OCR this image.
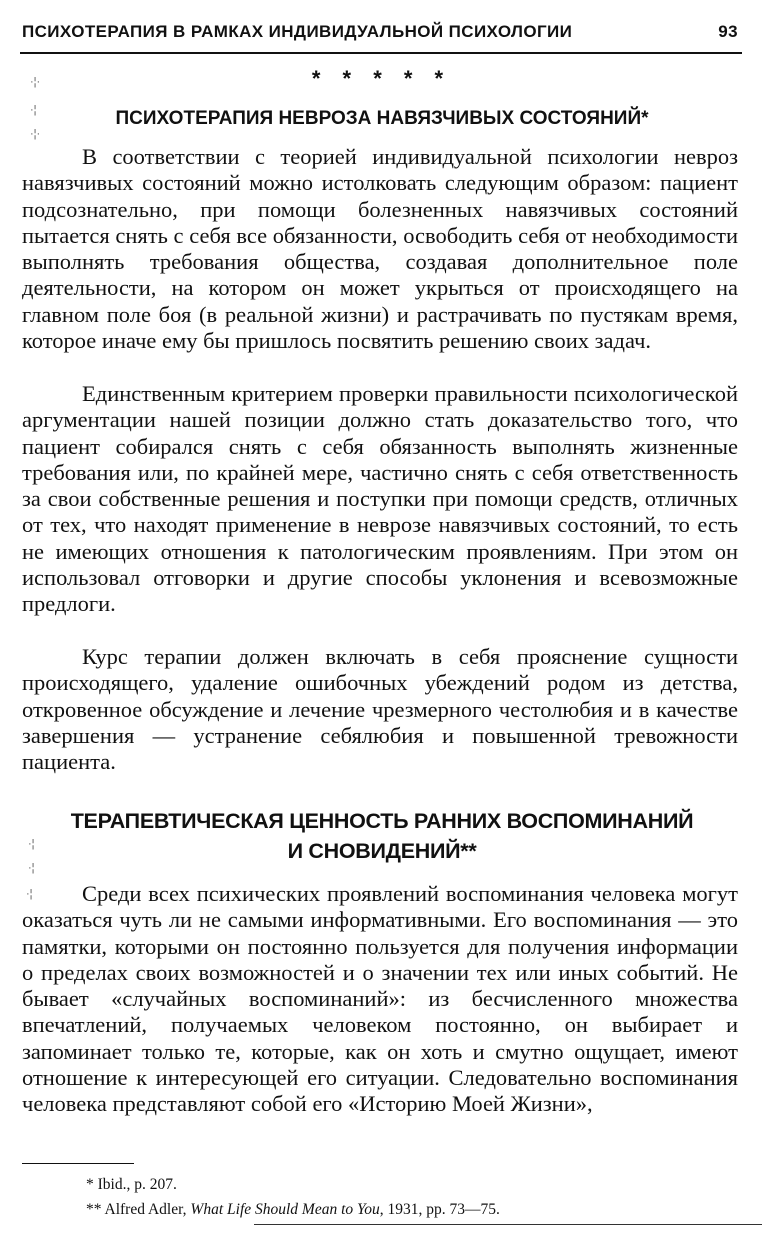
ПСИХОТЕРАПИЯ В РАМКАХ ИНДИВИДУАЛЬНОЙ ПСИХОЛОГИИ	93
·¦·
·¦
·¦·
* * * * *
ПСИХОТЕРАПИЯ НЕВРОЗА НАВЯЗЧИВЫХ СОСТОЯНИЙ*

В соответствии с теорией индивидуальной психологии невроз навязчивых состояний можно истолковать следующим образом: пациент подсознательно, при помощи болезненных навязчивых состояний пытается снять с себя все обязанности, освободить себя от необходимости выполнять требования общества, создавая дополнительное поле деятельности, на котором он может укрыться от происходящего на главном поле боя (в реальной жизни) и растрачивать по пустякам время, которое иначе ему бы пришлось посвятить решению своих задач.

Единственным критерием проверки правильности психологической аргументации нашей позиции должно стать доказательство того, что пациент собирался снять с себя обязанность выполнять жизненные требования или, по крайней мере, частично снять с себя ответственность за свои собственные решения и поступки при помощи средств, отличных от тех, что находят применение в неврозе навязчивых состояний, то есть не имеющих отношения к патологическим проявлениям. При этом он использовал отговорки и другие способы уклонения и всевозможные предлоги.

Курс терапии должен включать в себя прояснение сущности происходящего, удаление ошибочных убеждений родом из детства, откровенное обсуждение и лечение чрезмерного честолюбия и в качестве завершения — устранение себялюбия и повышенной тревожности пациента.

ТЕРАПЕВТИЧЕСКАЯ ЦЕННОСТЬ РАННИХ ВОСПОМИНАНИЙ
И СНОВИДЕНИЙ**
·¦
·¦
·¦	Среди всех психических проявлений воспоминания человека могут оказаться чуть ли не самыми информативными. Его воспоминания — это памятки, которыми он постоянно пользуется для получения информации о пределах своих возможностей и о значении тех или иных событий. Не бывает «случайных воспоминаний»: из бесчисленного множества впечатлений, получаемых человеком постоянно, он выбирает и запоминает только те, которые, как он хоть и смутно ощущает, имеют отношение к интересующей его ситуации. Следовательно воспоминания человека представляют собой его «Историю Моей Жизни»,

* Ibid., p. 207.
** Alfred Adler, What Life Should Mean to You, 1931, pp. 73—75.
